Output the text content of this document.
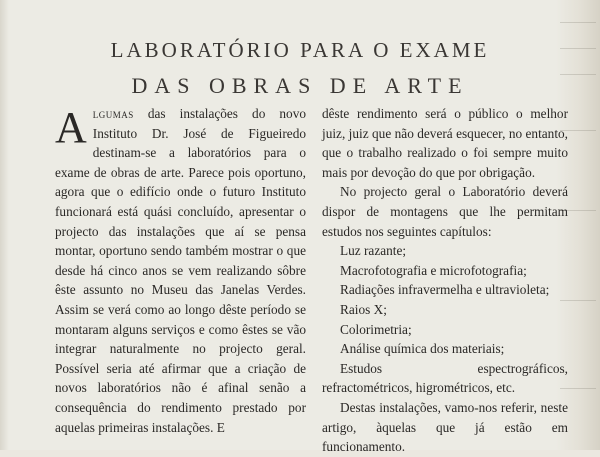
LABORATÓRIO PARA O EXAME
DAS OBRAS DE ARTE

Algumas das instalações do novo Instituto Dr. José de Figueiredo destinam-se a laboratórios para o exame de obras de arte. Parece pois oportuno, agora que o edifício onde o futuro Instituto funcionará está quási concluído, apresentar o projecto das instalações que aí se pensa montar, oportuno sendo também mostrar o que desde há cinco anos se vem realizando sôbre êste assunto no Museu das Janelas Verdes. Assim se verá como ao longo dêste período se montaram alguns serviços e como êstes se vão integrar naturalmente no projecto geral. Possível seria até afirmar que a criação de novos laboratórios não é afinal senão a consequência do rendimento prestado por aquelas primeiras instalações. E

dêste rendimento será o público o melhor juiz, juiz que não deverá esquecer, no entanto, que o trabalho realizado o foi sempre muito mais por devoção do que por obrigação.

No projecto geral o Laboratório deverá dispor de montagens que lhe permitam estudos nos seguintes capítulos:

Luz razante;
Macrofotografia e microfotografia;
Radiações infravermelha e ultravioleta;
Raios X;
Colorimetria;
Análise química dos materiais;
Estudos espectrográficos, refractométricos, higrométricos, etc.

Destas instalações, vamo-nos referir, neste artigo, àquelas que já estão em funcionamento.
